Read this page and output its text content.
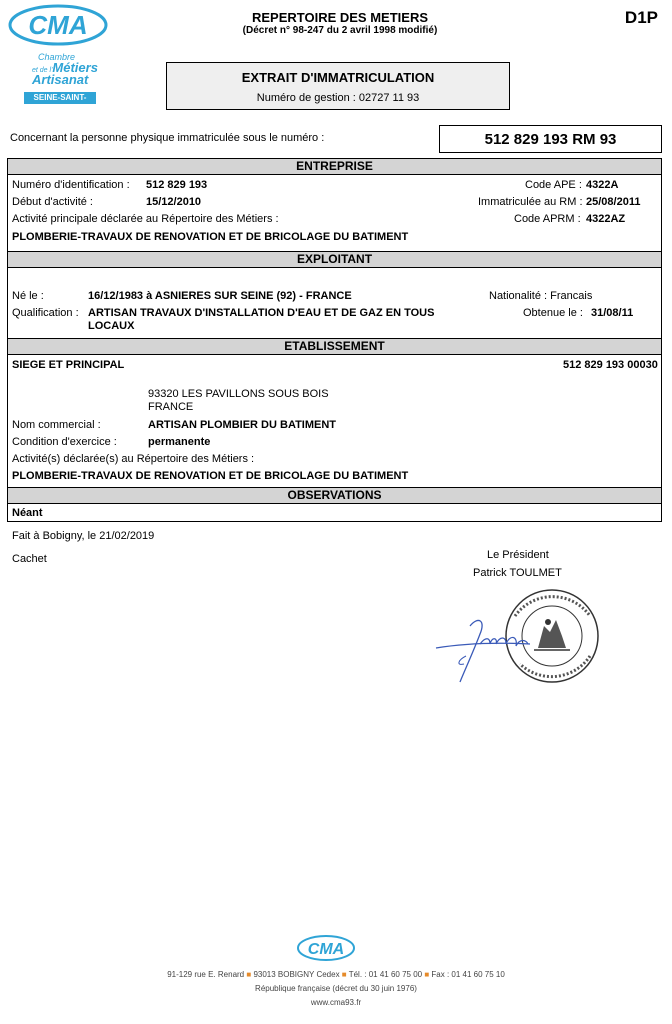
CMA
Chambre
et de l'Métiers
Artisanat
SEINE-SAINT-DENIS
REPERTOIRE DES METIERS
(Décret n° 98-247 du 2 avril 1998 modifié)
D1P
EXTRAIT D'IMMATRICULATION
Numéro de gestion : 02727 11 93
Concernant la personne physique immatriculée sous le numéro :	512 829 193 RM 93
ENTREPRISE
Numéro d'identification : 512 829 193	Code APE : 4322A
Début d'activité :	15/12/2010	Immatriculée au RM : 25/08/2011
Activité principale déclarée au Répertoire des Métiers :	Code APRM : 4322AZ
PLOMBERIE-TRAVAUX DE RENOVATION ET DE BRICOLAGE DU BATIMENT
EXPLOITANT
Né le :	16/12/1983 à ASNIERES SUR SEINE (92) - FRANCE	Nationalité : Francais
Qualification : ARTISAN TRAVAUX D'INSTALLATION D'EAU ET DE GAZ EN TOUS
LOCAUX
Obtenue le : 31/08/11
ETABLISSEMENT
SIEGE ET PRINCIPAL	512 829 193 00030
93320 LES PAVILLONS SOUS BOIS
FRANCE
Nom commercial :	ARTISAN PLOMBIER DU BATIMENT
Condition d'exercice :	permanente
Activité(s) déclarée(s) au Répertoire des Métiers :
PLOMBERIE-TRAVAUX DE RENOVATION ET DE BRICOLAGE DU BATIMENT
OBSERVATIONS
Néant
Fait à Bobigny, le 21/02/2019
Cachet	Le Président
Patrick TOULMET
CMA
91-129 rue E. Renard ■ 93013 BOBIGNY Cedex ■ Tél. : 01 41 60 75 00 ■ Fax : 01 41 60 75 10
République française (décret du 30 juin 1976)
www.cma93.fr
